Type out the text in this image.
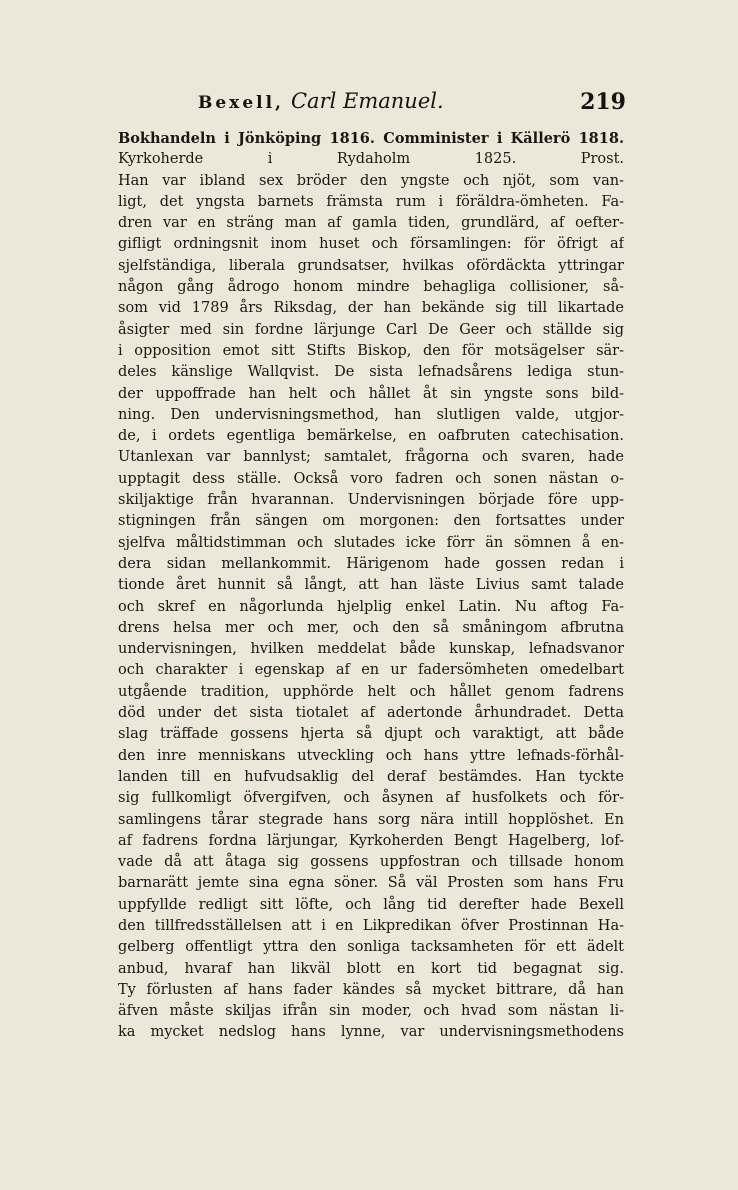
Bexell, Carl Emanuel.	219
Bokhandeln i Jönköping 1816. Comminister i Källerö 1818.
Kyrkoherde i Rydaholm 1825. Prost.
Han var ibland sex bröder den yngste och njöt, som van-
ligt, det yngsta barnets främsta rum i föräldra-ömheten. Fa-
dren var en sträng man af gamla tiden, grundlärd, af oefter-
gifligt ordningsnit inom huset och församlingen: för öfrigt af
sjelfständiga, liberala grundsatser, hvilkas ofördäckta yttringar
någon gång ådrogo honom mindre behagliga collisioner, så-
som vid 1789 års Riksdag, der han bekände sig till likartade
åsigter med sin fordne lärjunge Carl De Geer och ställde sig
i opposition emot sitt Stifts Biskop, den för motsägelser sär-
deles känslige Wallqvist. De sista lefnadsårens lediga stun-
der uppoffrade han helt och hållet åt sin yngste sons bild-
ning. Den undervisningsmethod, han slutligen valde, utgjor-
de, i ordets egentliga bemärkelse, en oafbruten catechisation.
Utanlexan var bannlyst; samtalet, frågorna och svaren, hade
upptagit dess ställe. Också voro fadren och sonen nästan o-
skiljaktige från hvarannan. Undervisningen började före upp-
stigningen från sängen om morgonen: den fortsattes under
sjelfva måltidstimman och slutades icke förr än sömnen å en-
dera sidan mellankommit. Härigenom hade gossen redan i
tionde året hunnit så långt, att han läste Livius samt talade
och skref en någorlunda hjelplig enkel Latin. Nu aftog Fa-
drens helsa mer och mer, och den så småningom afbrutna
undervisningen, hvilken meddelat både kunskap, lefnadsvanor
och charakter i egenskap af en ur fadersömheten omedelbart
utgående tradition, upphörde helt och hållet genom fadrens
död under det sista tiotalet af adertonde århundradet. Detta
slag träffade gossens hjerta så djupt och varaktigt, att både
den inre menniskans utveckling och hans yttre lefnads-förhål-
landen till en hufvudsaklig del deraf bestämdes. Han tyckte
sig fullkomligt öfvergifven, och åsynen af husfolkets och för-
samlingens tårar stegrade hans sorg nära intill hopplöshet. En
af fadrens fordna lärjungar, Kyrkoherden Bengt Hagelberg, lof-
vade då att åtaga sig gossens uppfostran och tillsade honom
barnarätt jemte sina egna söner. Så väl Prosten som hans Fru
uppfyllde redligt sitt löfte, och lång tid derefter hade Bexell
den tillfredsställelsen att i en Likpredikan öfver Prostinnan Ha-
gelberg offentligt yttra den sonliga tacksamheten för ett ädelt
anbud, hvaraf han likväl blott en kort tid begagnat sig.
Ty förlusten af hans fader kändes så mycket bittrare, då han
äfven måste skiljas ifrån sin moder, och hvad som nästan li-
ka mycket nedslog hans lynne, var undervisningsmethodens
